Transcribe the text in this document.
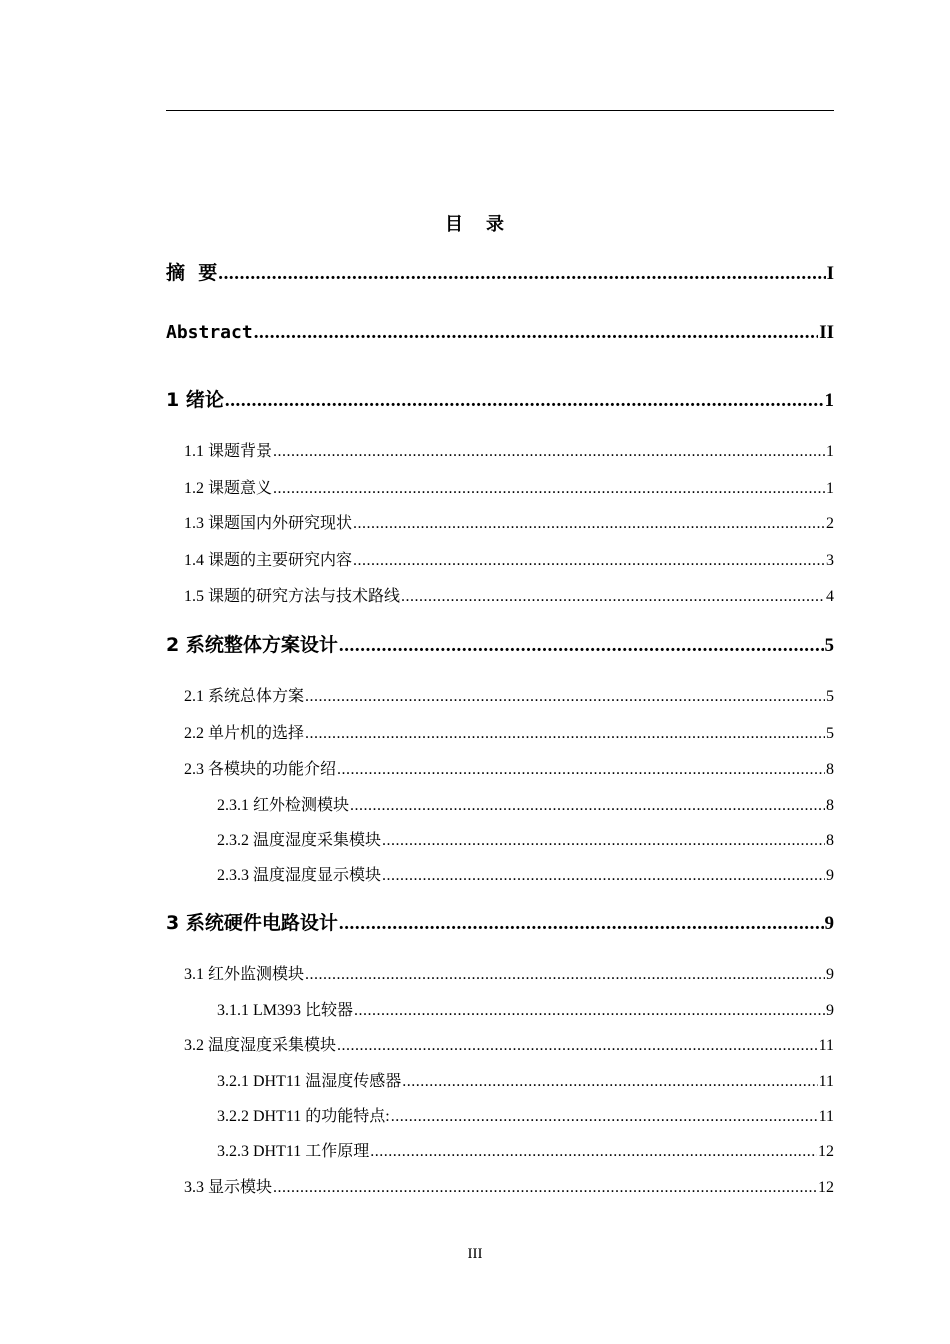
目 录
摘  要 .....	I
Abstract .....	II
1 绪论 .....	1
1.1 课题背景 .....	1
1.2 课题意义 .....	1
1.3 课题国内外研究现状 .....	2
1.4 课题的主要研究内容 .....	3
1.5 课题的研究方法与技术路线 .....	4
2 系统整体方案设计 .....	5
2.1 系统总体方案 .....	5
2.2 单片机的选择 .....	5
2.3 各模块的功能介绍 .....	8
2.3.1 红外检测模块 .....	8
2.3.2 温度湿度采集模块 .....	8
2.3.3 温度湿度显示模块 .....	9
3 系统硬件电路设计 .....	9
3.1 红外监测模块 .....	9
3.1.1 LM393 比较器 .....	9
3.2 温度湿度采集模块 .....	11
3.2.1 DHT11 温湿度传感器 .....	11
3.2.2 DHT11 的功能特点: .....	11
3.2.3 DHT11 工作原理 .....	12
3.3 显示模块 .....	12
III
